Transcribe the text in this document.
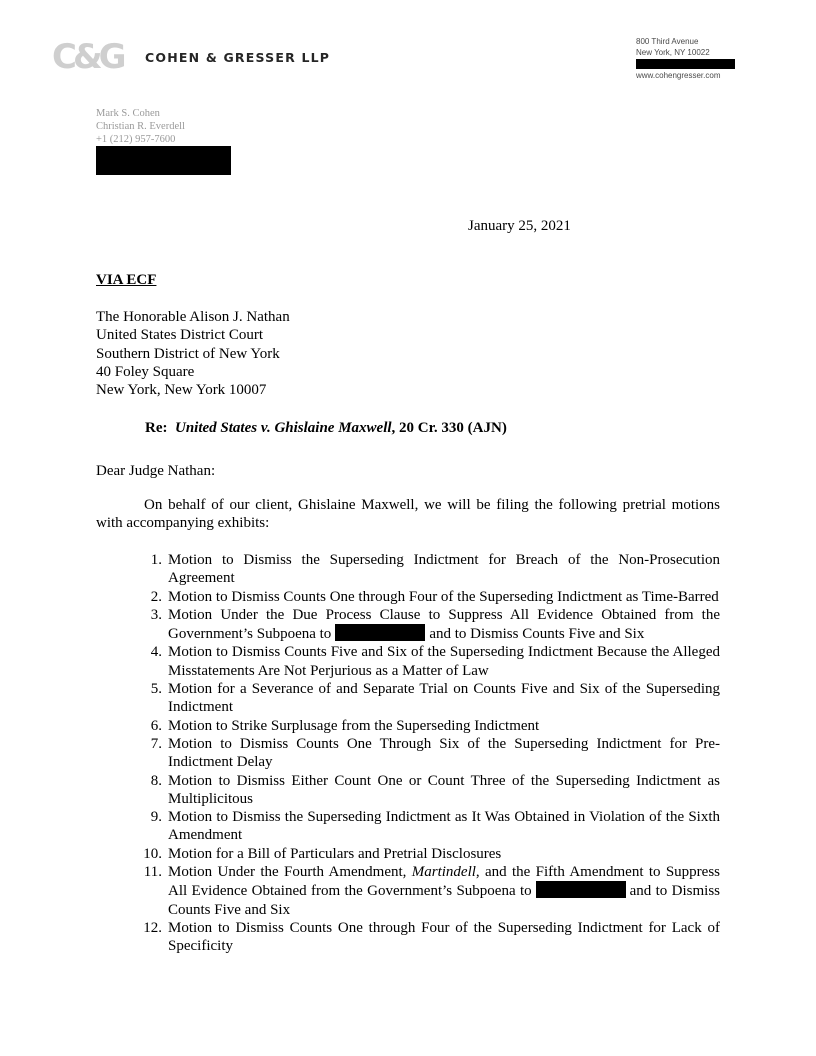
C&G COHEN & GRESSER LLP
800 Third Avenue
New York, NY 10022
www.cohengresser.com
Mark S. Cohen
Christian R. Everdell
+1 (212) 957-7600
January 25, 2021
VIA ECF
The Honorable Alison J. Nathan
United States District Court
Southern District of New York
40 Foley Square
New York, New York 10007
Re: United States v. Ghislaine Maxwell, 20 Cr. 330 (AJN)
Dear Judge Nathan:
On behalf of our client, Ghislaine Maxwell, we will be filing the following pretrial motions with accompanying exhibits:
1. Motion to Dismiss the Superseding Indictment for Breach of the Non-Prosecution Agreement
2. Motion to Dismiss Counts One through Four of the Superseding Indictment as Time-Barred
3. Motion Under the Due Process Clause to Suppress All Evidence Obtained from the Government’s Subpoena to	and to Dismiss Counts Five and Six
4. Motion to Dismiss Counts Five and Six of the Superseding Indictment Because the Alleged Misstatements Are Not Perjurious as a Matter of Law
5. Motion for a Severance of and Separate Trial on Counts Five and Six of the Superseding Indictment
6. Motion to Strike Surplusage from the Superseding Indictment
7. Motion to Dismiss Counts One Through Six of the Superseding Indictment for Pre-Indictment Delay
8. Motion to Dismiss Either Count One or Count Three of the Superseding Indictment as Multiplicitous
9. Motion to Dismiss the Superseding Indictment as It Was Obtained in Violation of the Sixth Amendment
10. Motion for a Bill of Particulars and Pretrial Disclosures
11. Motion Under the Fourth Amendment, Martindell, and the Fifth Amendment to Suppress All Evidence Obtained from the Government’s Subpoena to	and to Dismiss Counts Five and Six
12. Motion to Dismiss Counts One through Four of the Superseding Indictment for Lack of Specificity
